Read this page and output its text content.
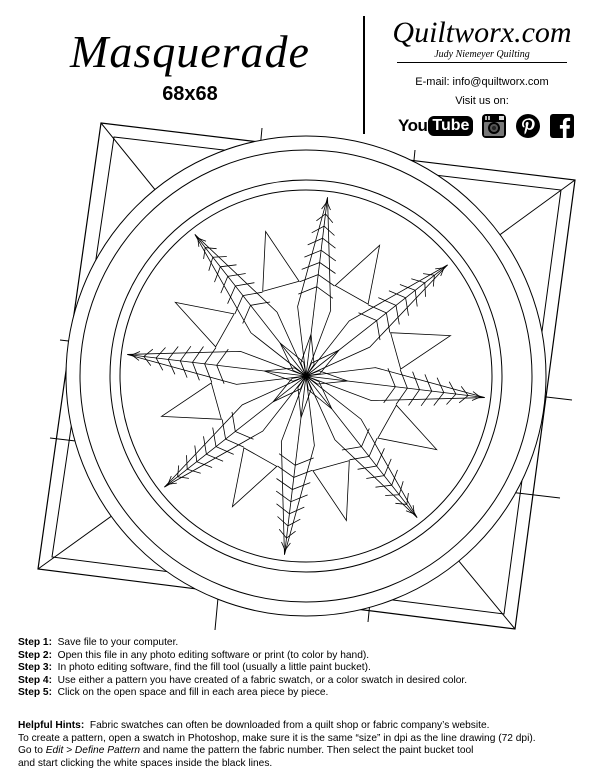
Masquerade
68x68
Quiltworx.com
Judy Niemeyer Quilting
E-mail: info@quiltworx.com
Visit us on:
You Tube
Step 1: Save file to your computer.
Step 2: Open this file in any photo editing software or print (to color by hand).
Step 3: In photo editing software, find the fill tool (usually a little paint bucket).
Step 4: Use either a pattern you have created of a fabric swatch, or a color swatch in desired color.
Step 5: Click on the open space and fill in each area piece by piece.
Helpful Hints: Fabric swatches can often be downloaded from a quilt shop or fabric company’s website.
To create a pattern, open a swatch in Photoshop, make sure it is the same “size” in dpi as the line drawing (72 dpi).
Go to Edit > Define Pattern and name the pattern the fabric number. Then select the paint bucket tool
and start clicking the white spaces inside the black lines.
